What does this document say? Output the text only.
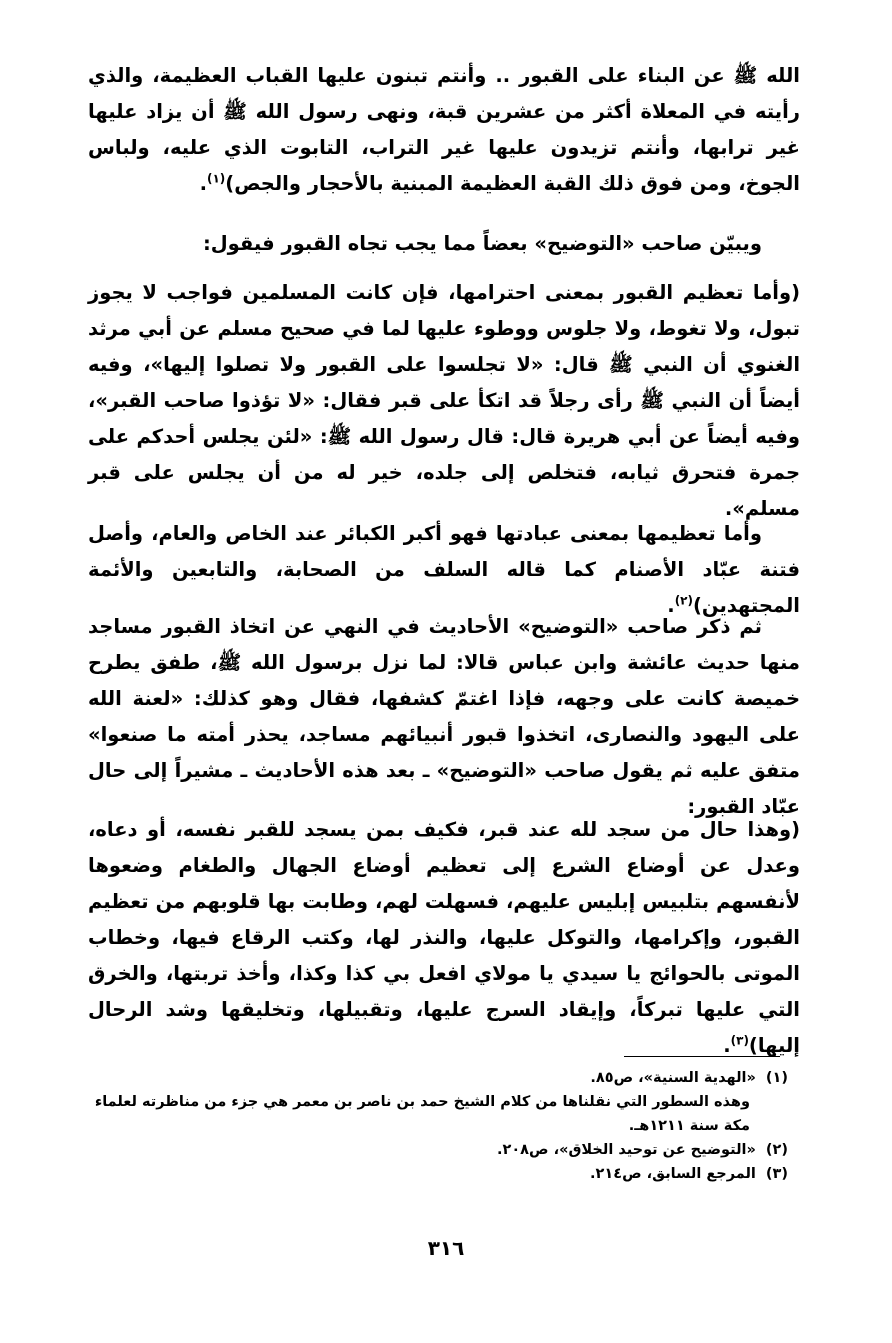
الله ﷺ عن البناء على القبور .. وأنتم تبنون عليها القباب العظيمة، والذي رأيته في المعلاة أكثر من عشرين قبة، ونهى رسول الله ﷺ أن يزاد عليها غير ترابها، وأنتم تزيدون عليها غير التراب، التابوت الذي عليه، ولباس الجوخ، ومن فوق ذلك القبة العظيمة المبنية بالأحجار والجص)$^{(١)}$.

ويبيّن صاحب «التوضيح» بعضاً مما يجب تجاه القبور فيقول:

(وأما تعظيم القبور بمعنى احترامها، فإن كانت المسلمين فواجب لا يجوز تبول، ولا تغوط، ولا جلوس ووطوء عليها لما في صحيح مسلم عن أبي مرثد الغنوي أن النبي ﷺ قال: «لا تجلسوا على القبور ولا تصلوا إليها»، وفيه أيضاً أن النبي ﷺ رأى رجلاً قد اتكأ على قبر فقال: «لا تؤذوا صاحب القبر»، وفيه أيضاً عن أبي هريرة قال: قال رسول الله ﷺ: «لئن يجلس أحدكم على جمرة فتحرق ثيابه، فتخلص إلى جلده، خير له من أن يجلس على قبر مسلم».

وأما تعظيمها بمعنى عبادتها فهو أكبر الكبائر عند الخاص والعام، وأصل فتنة عبّاد الأصنام كما قاله السلف من الصحابة، والتابعين والأئمة المجتهدين)$^{(٢)}$.

ثم ذكر صاحب «التوضيح» الأحاديث في النهي عن اتخاذ القبور مساجد منها حديث عائشة وابن عباس قالا: لما نزل برسول الله ﷺ، طفق يطرح خميصة كانت على وجهه، فإذا اغتمّ كشفها، فقال وهو كذلك: «لعنة الله على اليهود والنصارى، اتخذوا قبور أنبيائهم مساجد، يحذر أمته ما صنعوا» متفق عليه ثم يقول صاحب «التوضيح» ـ بعد هذه الأحاديث ـ مشيراً إلى حال عبّاد القبور:

(وهذا حال من سجد لله عند قبر، فكيف بمن يسجد للقبر نفسه، أو دعاه، وعدل عن أوضاع الشرع إلى تعظيم أوضاع الجهال والطغام وضعوها لأنفسهم بتلبيس إبليس عليهم، فسهلت لهم، وطابت بها قلوبهم من تعظيم القبور، وإكرامها، والتوكل عليها، والنذر لها، وكتب الرقاع فيها، وخطاب الموتى بالحوائج يا سيدي يا مولاي افعل بي كذا وكذا، وأخذ تربتها، والخرق التي عليها تبركاً، وإيقاد السرج عليها، وتقبيلها، وتخليقها وشد الرحال إليها)$^{(٣)}$.

(١)
«الهدية السنية»، ص٨٥.
وهذه السطور التي نقلناها من كلام الشيخ حمد بن ناصر بن معمر هي جزء من مناظرته لعلماء مكة سنة ١٢١١هـ.
(٢)
«التوضيح عن توحيد الخلاق»، ص٢٠٨.
(٣)
المرجع السابق، ص٢١٤.
٣١٦
